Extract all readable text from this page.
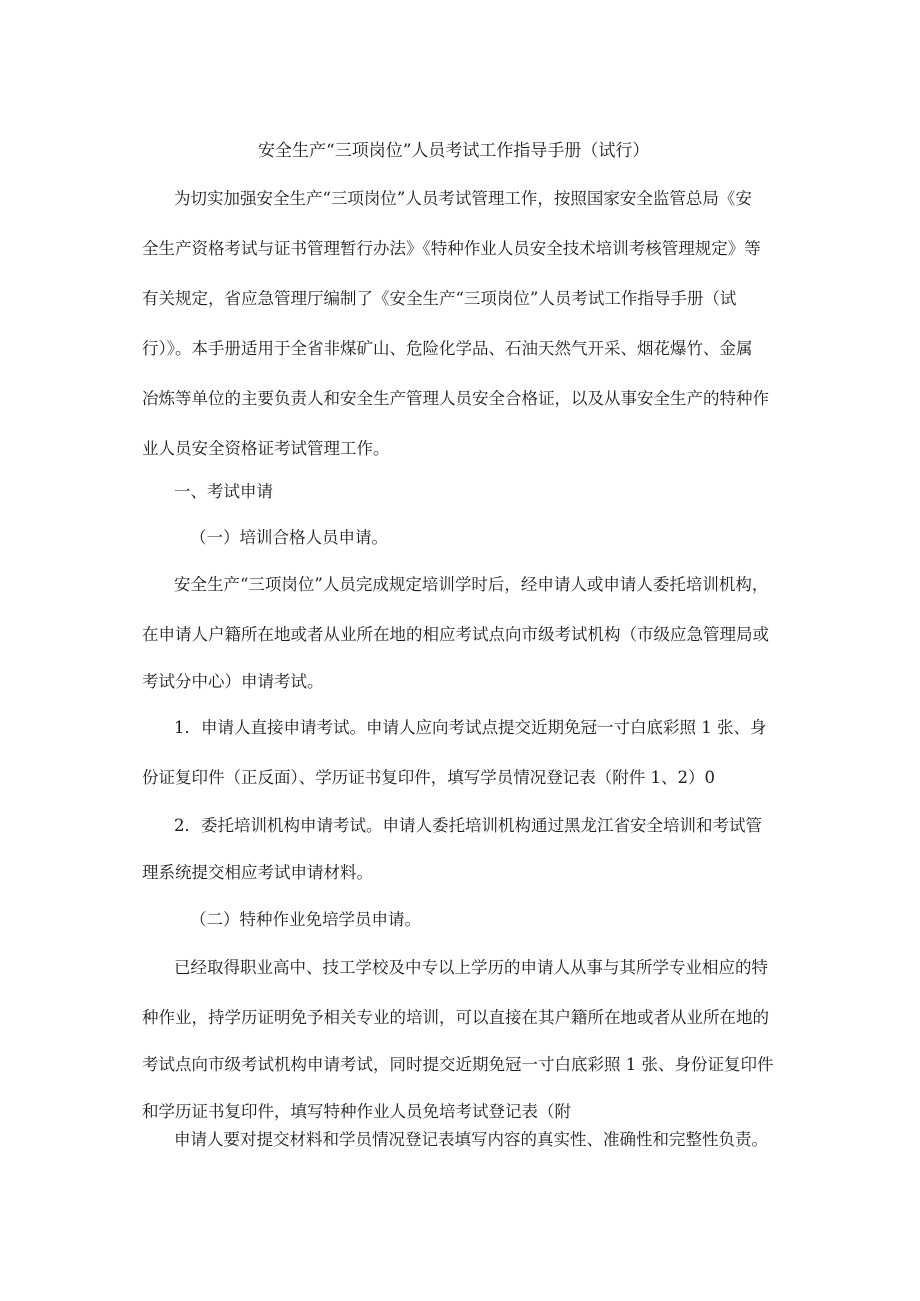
安全生产“三项岗位”人员考试工作指导手册（试行）

为切实加强安全生产“三项岗位”人员考试管理工作，按照国家安全监管总局《安

全生产资格考试与证书管理暂行办法》《特种作业人员安全技术培训考核管理规定》等

有关规定，省应急管理厅编制了《安全生产“三项岗位”人员考试工作指导手册（试

行）》。本手册适用于全省非煤矿山、危险化学品、石油天然气开采、烟花爆竹、金属

冶炼等单位的主要负责人和安全生产管理人员安全合格证，以及从事安全生产的特种作

业人员安全资格证考试管理工作。

一、考试申请

（一）培训合格人员申请。

安全生产“三项岗位”人员完成规定培训学时后，经申请人或申请人委托培训机构，

在申请人户籍所在地或者从业所在地的相应考试点向市级考试机构（市级应急管理局或

考试分中心）申请考试。

1．申请人直接申请考试。申请人应向考试点提交近期免冠一寸白底彩照 1 张、身

份证复印件（正反面）、学历证书复印件，填写学员情况登记表（附件 1、2）0

2．委托培训机构申请考试。申请人委托培训机构通过黑龙江省安全培训和考试管

理系统提交相应考试申请材料。

（二）特种作业免培学员申请。

已经取得职业高中、技工学校及中专以上学历的申请人从事与其所学专业相应的特

种作业，持学历证明免予相关专业的培训，可以直接在其户籍所在地或者从业所在地的

考试点向市级考试机构申请考试，同时提交近期免冠一寸白底彩照 1 张、身份证复印件

和学历证书复印件，填写特种作业人员免培考试登记表（附

申请人要对提交材料和学员情况登记表填写内容的真实性、准确性和完整性负责。
